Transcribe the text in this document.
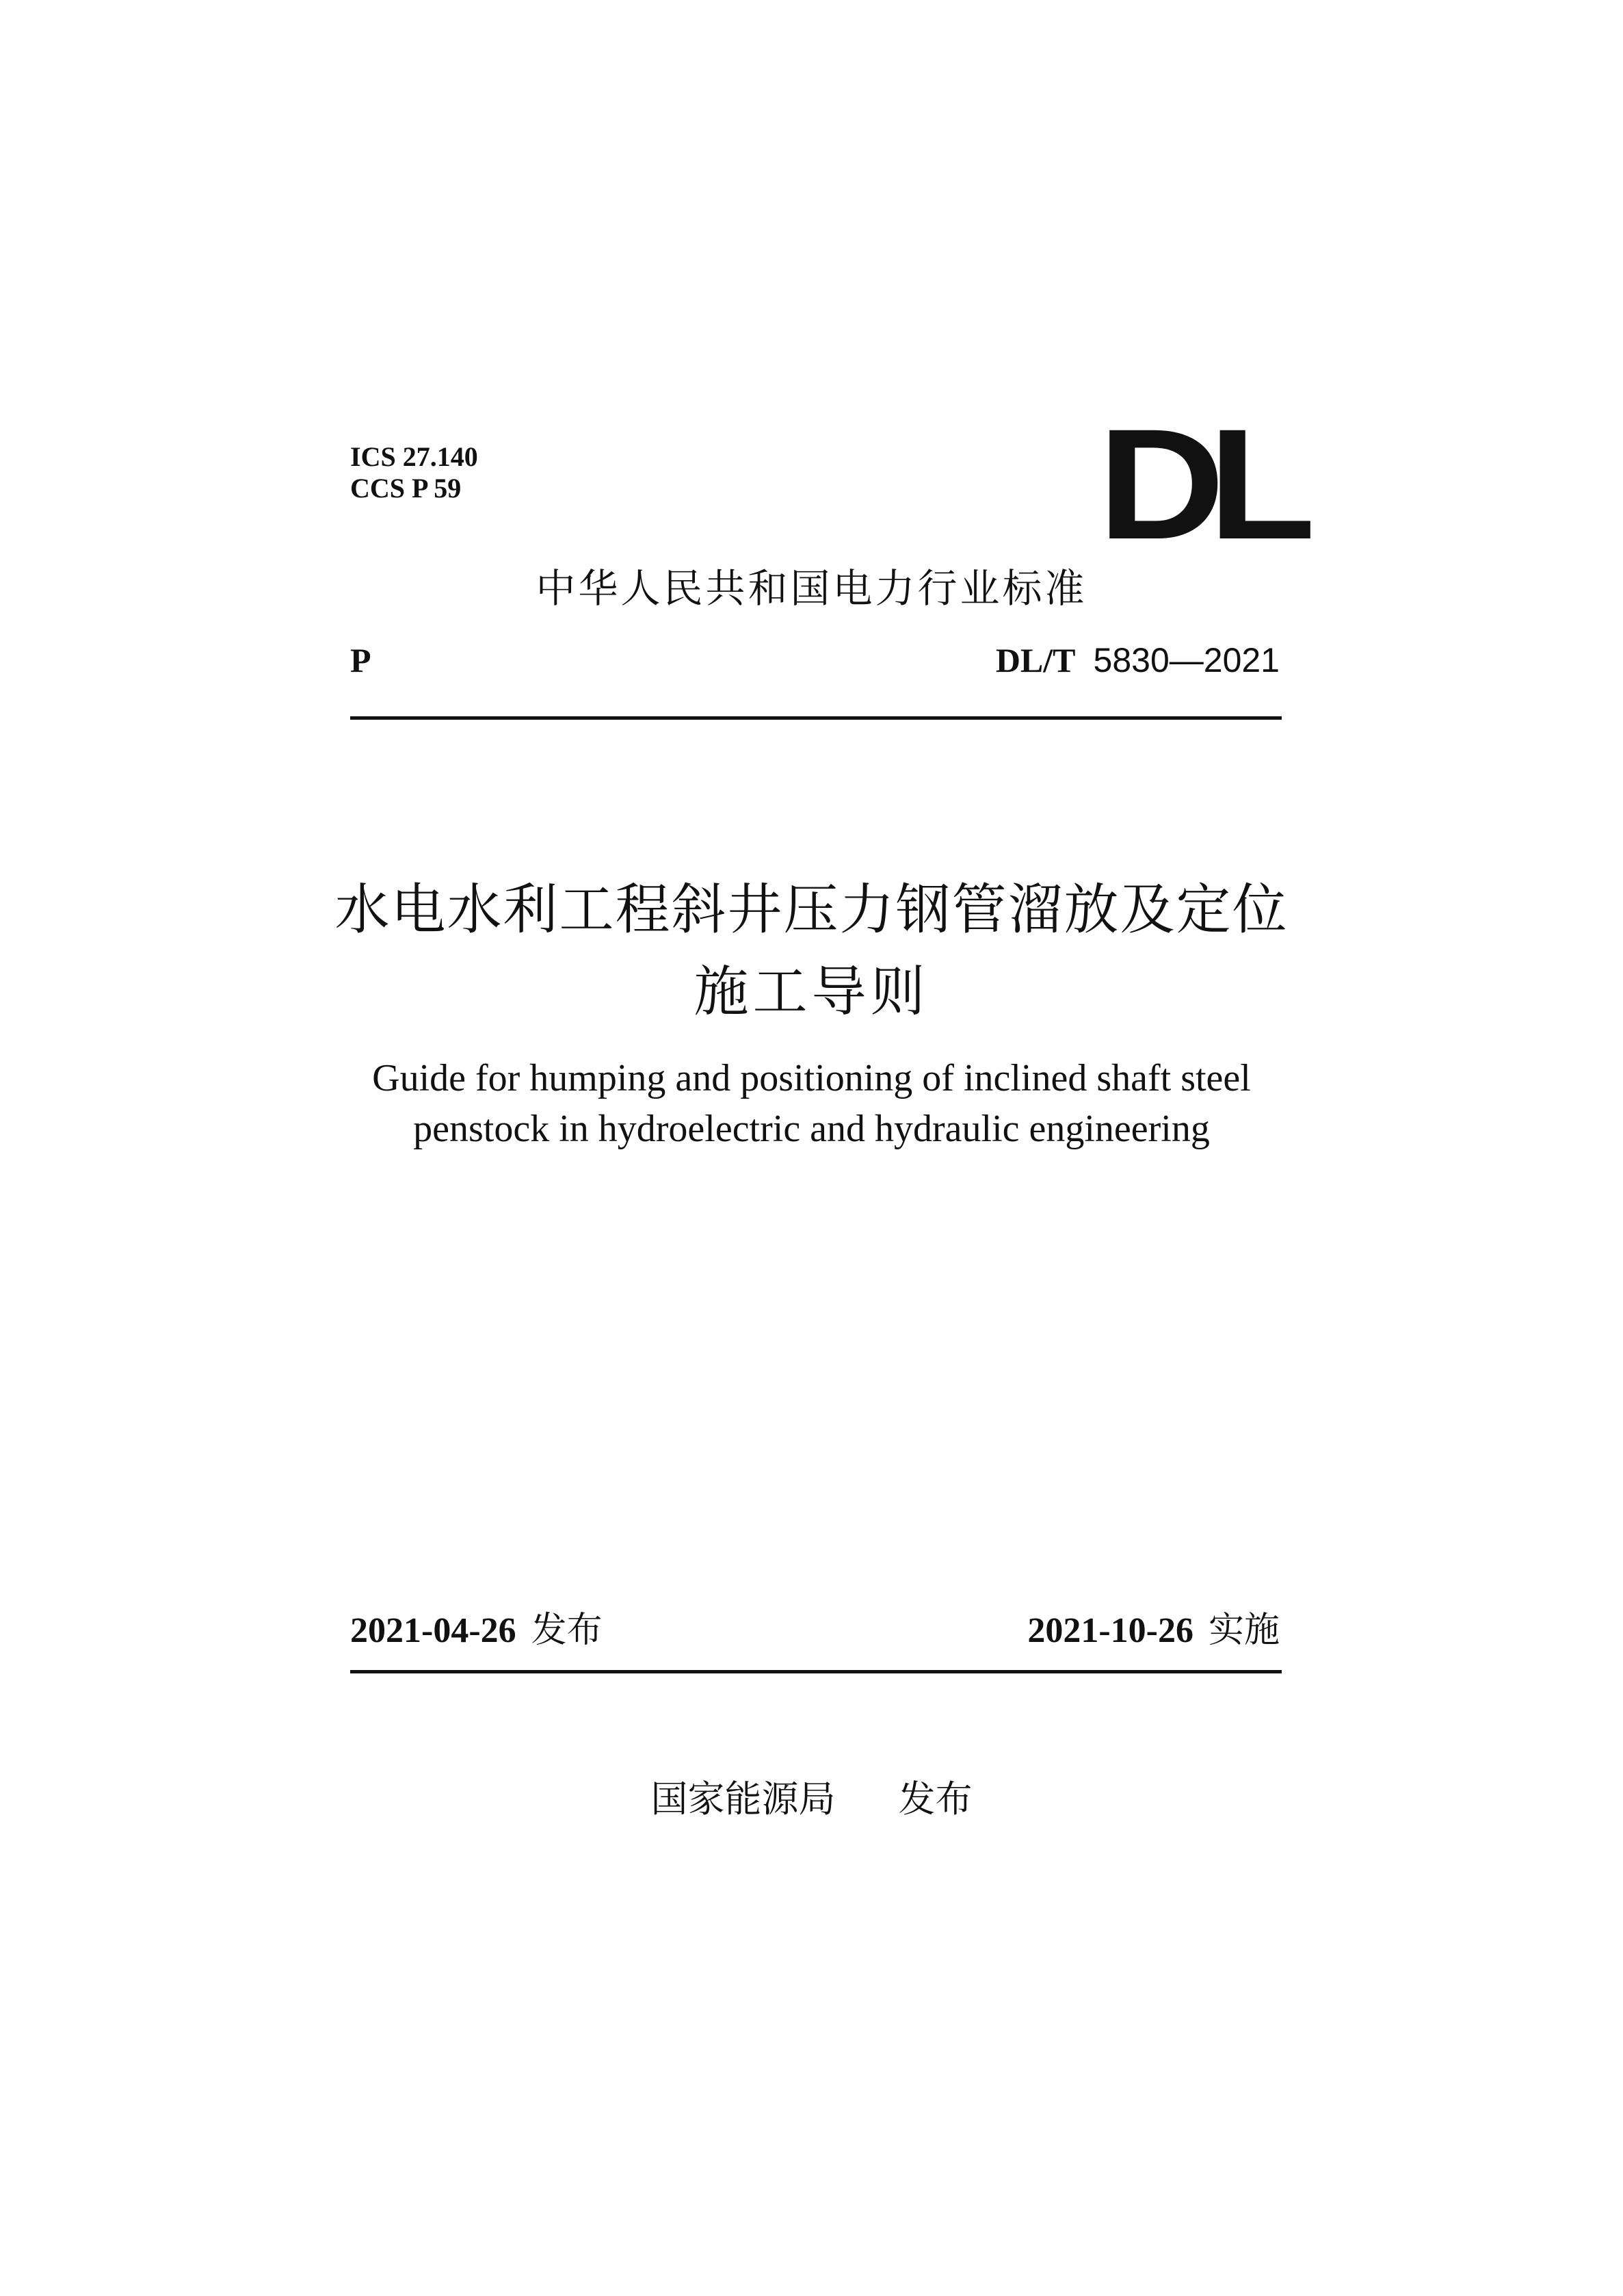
ICS 27.140
CCS P 59	DL
中华人民共和国电力行业标准
P	DL/T 5830—2021
水电水利工程斜井压力钢管溜放及定位
施工导则
Guide for humping and positioning of inclined shaft steel
penstock in hydroelectric and hydraulic engineering
2021-04-26 发布	2021-10-26 实施
国家能源局 发布
